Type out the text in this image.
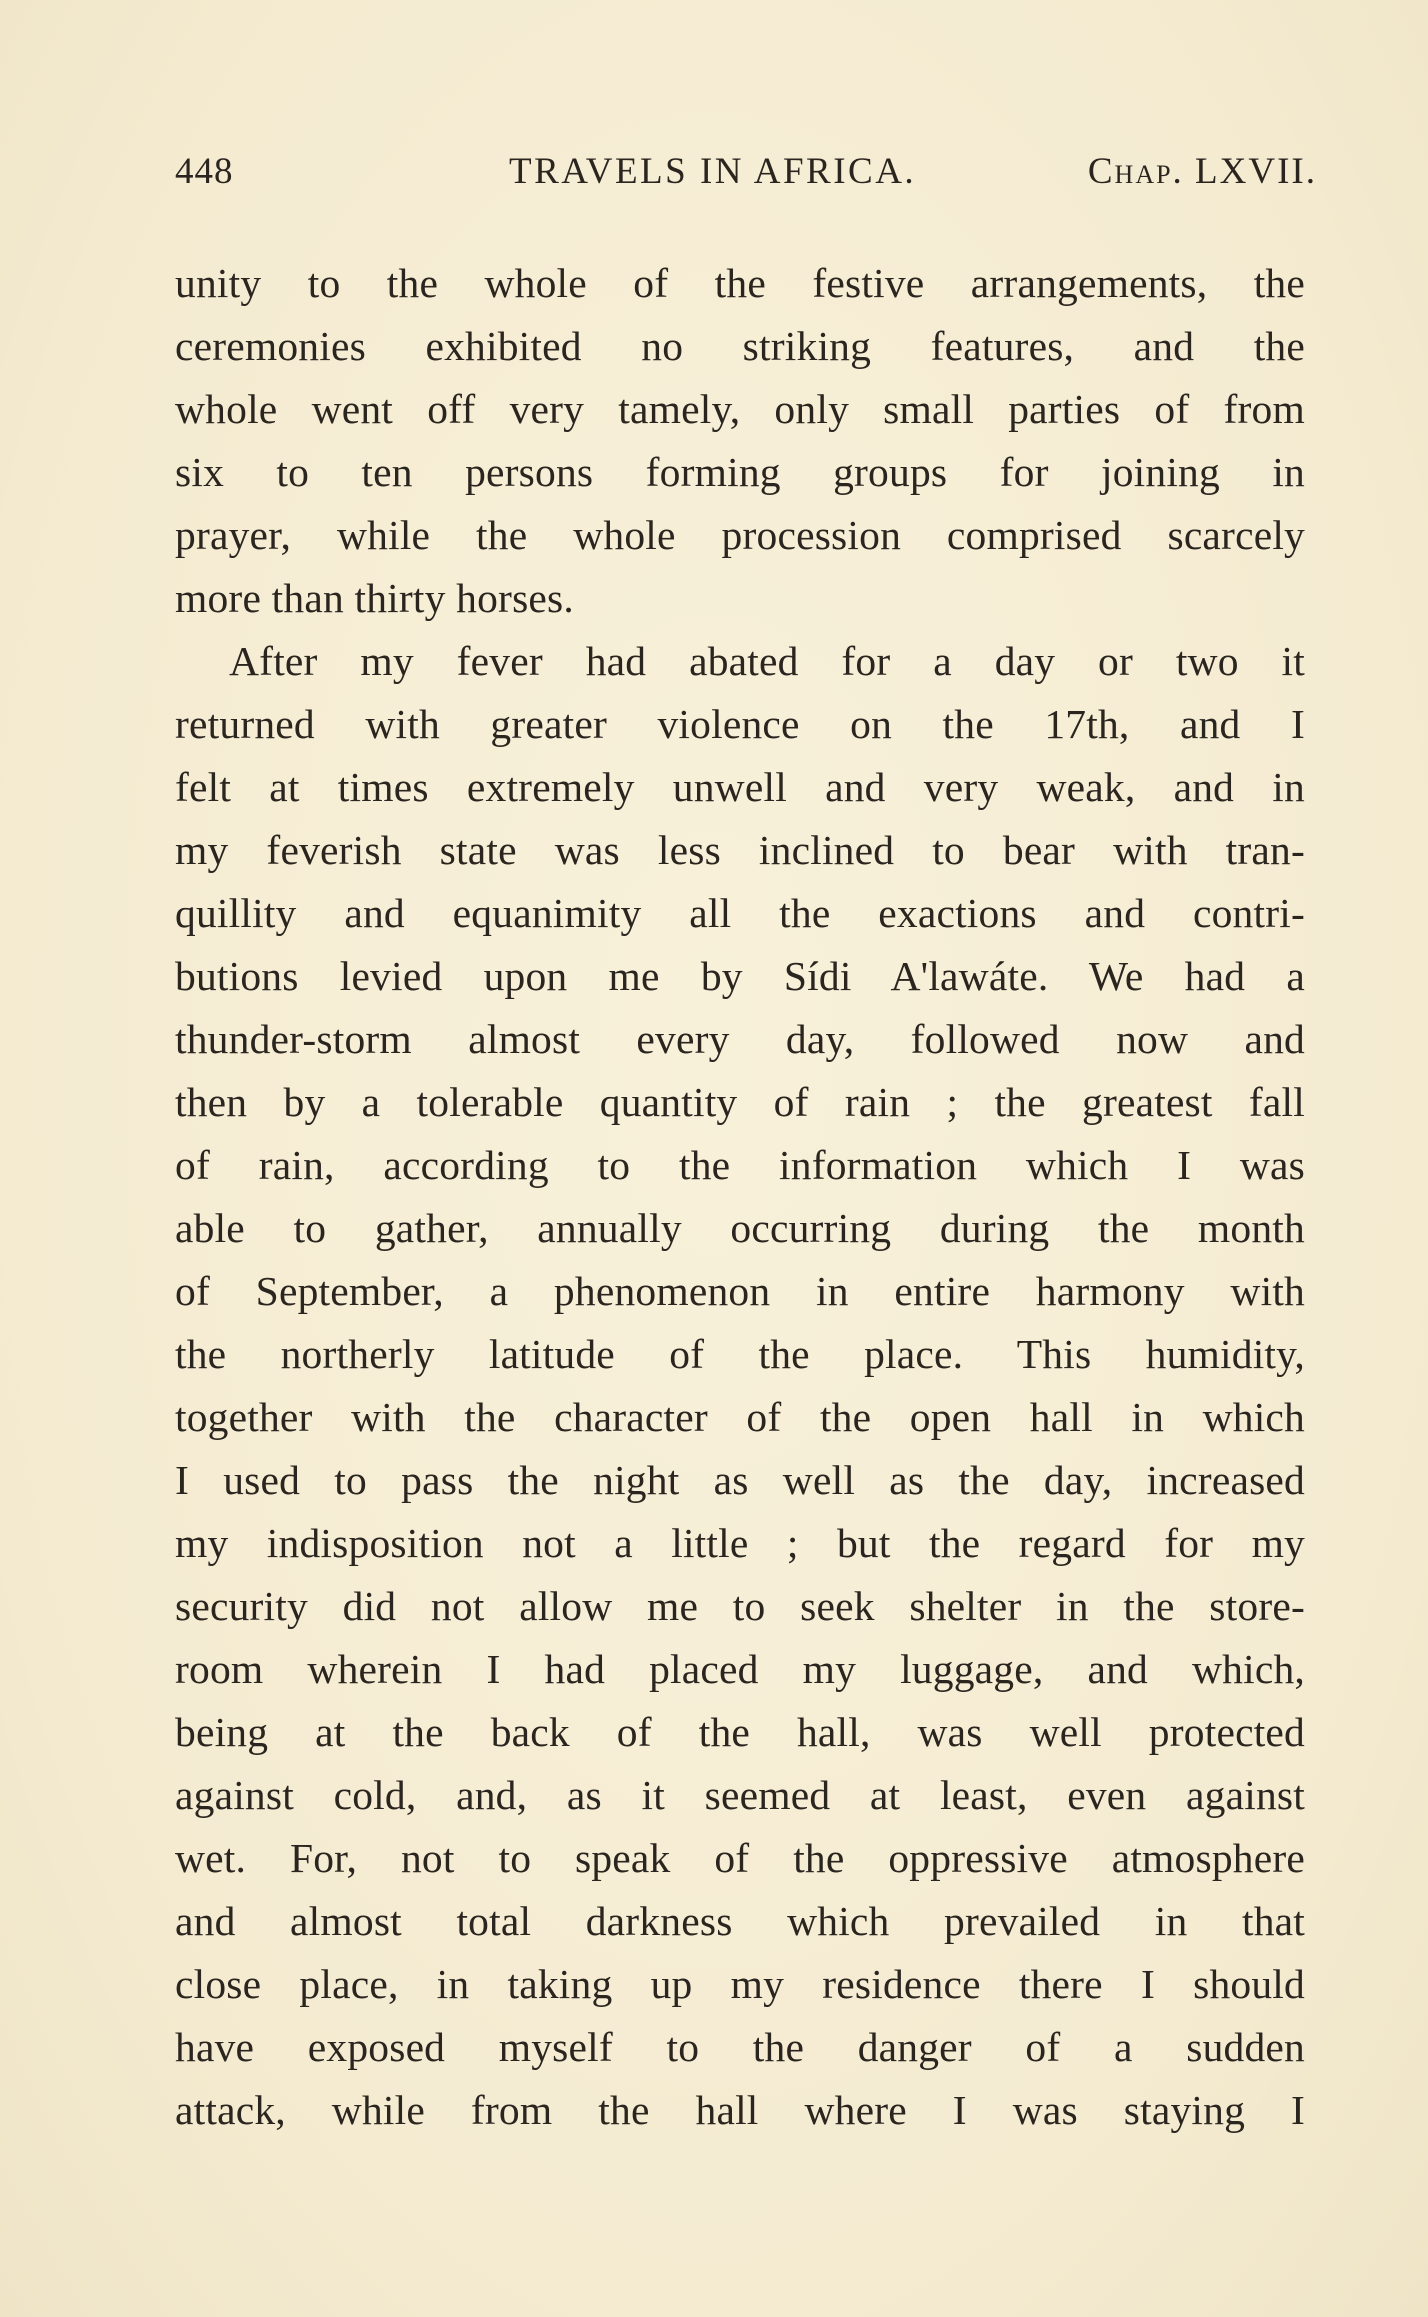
448	TRAVELS IN AFRICA.	Chap. LXVII.
unity to the whole of the festive arrangements, the
ceremonies exhibited no striking features, and the
whole went off very tamely, only small parties of from
six to ten persons forming groups for joining in
prayer, while the whole procession comprised scarcely
more than thirty horses.
After my fever had abated for a day or two it
returned with greater violence on the 17th, and I
felt at times extremely unwell and very weak, and in
my feverish state was less inclined to bear with tran-
quillity and equanimity all the exactions and contri-
butions levied upon me by Sídi A'lawáte. We had a
thunder-storm almost every day, followed now and
then by a tolerable quantity of rain ; the greatest fall
of rain, according to the information which I was
able to gather, annually occurring during the month
of September, a phenomenon in entire harmony with
the northerly latitude of the place. This humidity,
together with the character of the open hall in which
I used to pass the night as well as the day, increased
my indisposition not a little ; but the regard for my
security did not allow me to seek shelter in the store-
room wherein I had placed my luggage, and which,
being at the back of the hall, was well protected
against cold, and, as it seemed at least, even against
wet. For, not to speak of the oppressive atmosphere
and almost total darkness which prevailed in that
close place, in taking up my residence there I should
have exposed myself to the danger of a sudden
attack, while from the hall where I was staying I
